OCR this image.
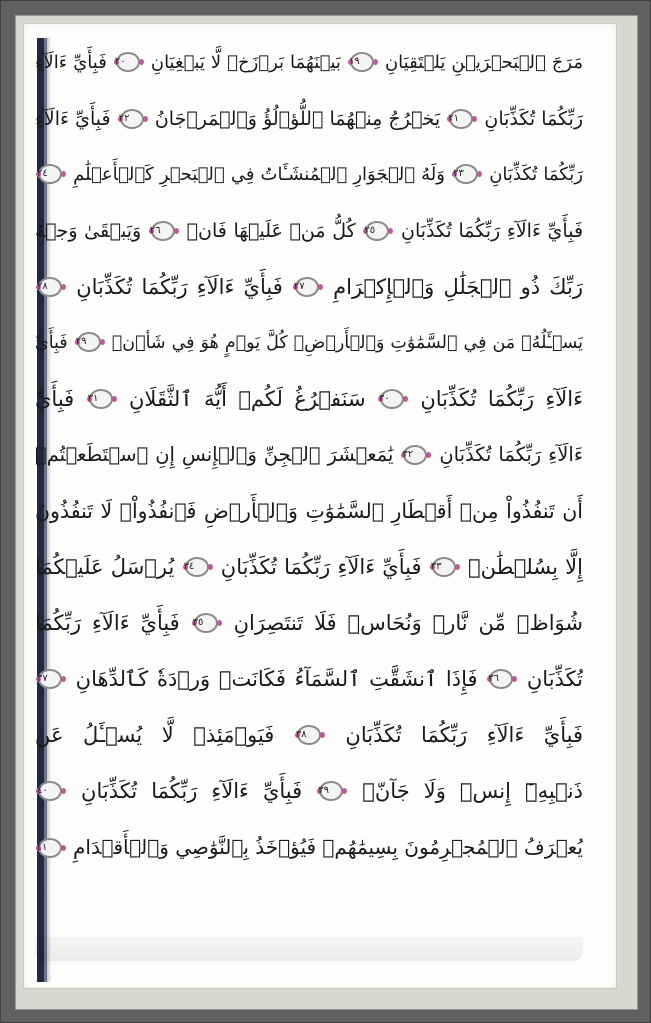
مَرَجَ ٱلۡبَحۡرَيۡنِ يَلۡتَقِيَانِ
١٩
بَيۡنَهُمَا بَرۡزَخٞ لَّا يَبۡغِيَانِ
٢٠
فَبِأَيِّ ءَالَآءِ
رَبِّكُمَا تُكَذِّبَانِ
٢١
يَخۡرُجُ مِنۡهُمَا ٱللُّؤۡلُؤُ وَٱلۡمَرۡجَانُ
٢٢
فَبِأَيِّ ءَالَآءِ
رَبِّكُمَا تُكَذِّبَانِ
٢٣
وَلَهُ ٱلۡجَوَارِ ٱلۡمُنشَـَٔاتُ فِي ٱلۡبَحۡرِ كَٱلۡأَعۡلَٰمِ
٢٤
فَبِأَيِّ ءَالَآءِ رَبِّكُمَا تُكَذِّبَانِ
٢٥
كُلُّ مَنۡ عَلَيۡهَا فَانٖ
٢٦
وَيَبۡقَىٰ وَجۡهُ
رَبِّكَ ذُو ٱلۡجَلَٰلِ وَٱلۡإِكۡرَامِ
٢٧
فَبِأَيِّ ءَالَآءِ رَبِّكُمَا تُكَذِّبَانِ
٢٨
يَسۡـَٔلُهُۥ مَن فِي ٱلسَّمَٰوَٰتِ وَٱلۡأَرۡضِۚ كُلَّ يَوۡمٍ هُوَ فِي شَأۡنٖ
٢٩
فَبِأَيِّ
ءَالَآءِ رَبِّكُمَا تُكَذِّبَانِ
٣٠
سَنَفۡرُغُ لَكُمۡ أَيُّهَ ٱلثَّقَلَانِ
٣١
فَبِأَيِّ
ءَالَآءِ رَبِّكُمَا تُكَذِّبَانِ
٣٢
يَٰمَعۡشَرَ ٱلۡجِنِّ وَٱلۡإِنسِ إِنِ ٱسۡتَطَعۡتُمۡ
أَن تَنفُذُواْ مِنۡ أَقۡطَارِ ٱلسَّمَٰوَٰتِ وَٱلۡأَرۡضِ فَٱنفُذُواْۚ لَا تَنفُذُونَ
إِلَّا بِسُلۡطَٰنٖ
٣٣
فَبِأَيِّ ءَالَآءِ رَبِّكُمَا تُكَذِّبَانِ
٣٤
يُرۡسَلُ عَلَيۡكُمَا
شُوَاظٞ مِّن نَّارٖ وَنُحَاسٞ فَلَا تَنتَصِرَانِ
٣٥
فَبِأَيِّ ءَالَآءِ رَبِّكُمَا
تُكَذِّبَانِ
٣٦
فَإِذَا ٱنشَقَّتِ ٱلسَّمَآءُ فَكَانَتۡ وَرۡدَةٗ كَٱلدِّهَانِ
٣٧
فَبِأَيِّ ءَالَآءِ رَبِّكُمَا تُكَذِّبَانِ
٣٨
فَيَوۡمَئِذٖ لَّا يُسۡـَٔلُ عَن
ذَنۢبِهِۦٓ إِنسٞ وَلَا جَآنّٞ
٣٩
فَبِأَيِّ ءَالَآءِ رَبِّكُمَا تُكَذِّبَانِ
٤٠
يُعۡرَفُ ٱلۡمُجۡرِمُونَ بِسِيمَٰهُمۡ فَيُؤۡخَذُ بِٱلنَّوَٰصِي وَٱلۡأَقۡدَامِ
٤١
